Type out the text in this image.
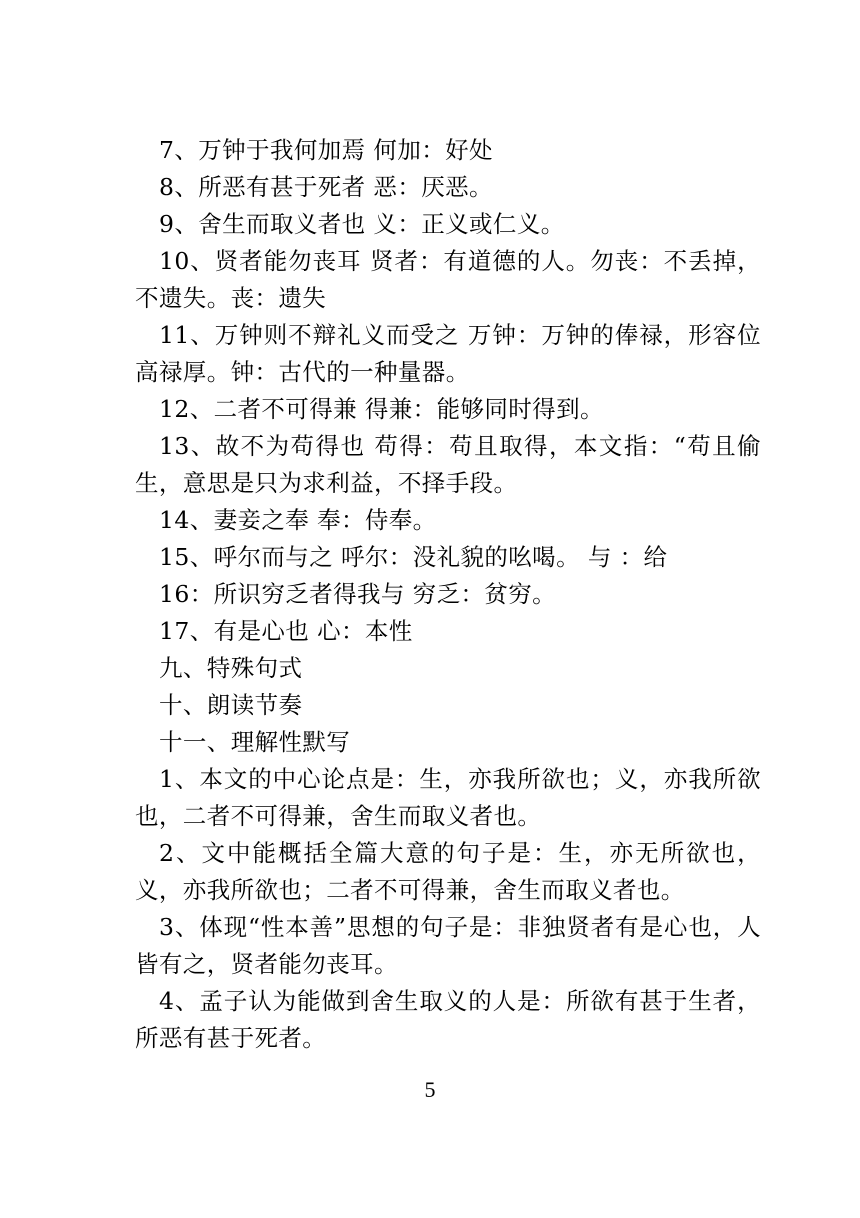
7、万钟于我何加焉 何加：好处

8、所恶有甚于死者 恶：厌恶。

9、舍生而取义者也 义：正义或仁义。

10、贤者能勿丧耳 贤者：有道德的人。勿丧：不丢掉，不遗失。丧：遗失

11、万钟则不辩礼义而受之 万钟：万钟的俸禄，形容位高禄厚。钟：古代的一种量器。

12、二者不可得兼 得兼：能够同时得到。

13、故不为苟得也 苟得：苟且取得，本文指：“苟且偷生，意思是只为求利益，不择手段。

14、妻妾之奉 奉：侍奉。

15、呼尔而与之 呼尔：没礼貌的吆喝。 与 ：给

16：所识穷乏者得我与 穷乏：贫穷。

17、有是心也 心：本性

九、特殊句式

十、朗读节奏

十一、理解性默写

1、本文的中心论点是：生，亦我所欲也；义，亦我所欲也，二者不可得兼，舍生而取义者也。

2、文中能概括全篇大意的句子是：生，亦无所欲也，义，亦我所欲也；二者不可得兼，舍生而取义者也。

3、体现“性本善”思想的句子是：非独贤者有是心也，人皆有之，贤者能勿丧耳。

4、孟子认为能做到舍生取义的人是：所欲有甚于生者，所恶有甚于死者。

5
